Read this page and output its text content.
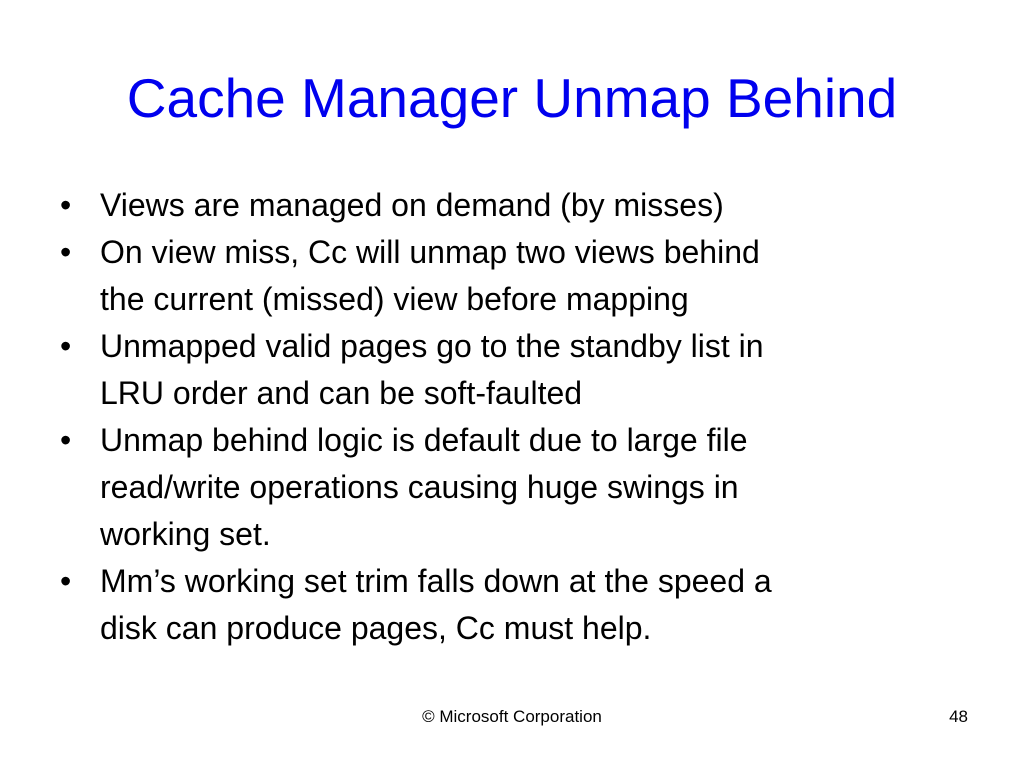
Cache Manager Unmap Behind
• Views are managed on demand (by misses)
• On view miss, Cc will unmap two views behind
the current (missed) view before mapping
• Unmapped valid pages go to the standby list in
LRU order and can be soft-faulted
• Unmap behind logic is default due to large file
read/write operations causing huge swings in
working set.
• Mm’s working set trim falls down at the speed a
disk can produce pages, Cc must help.
© Microsoft Corporation	48
